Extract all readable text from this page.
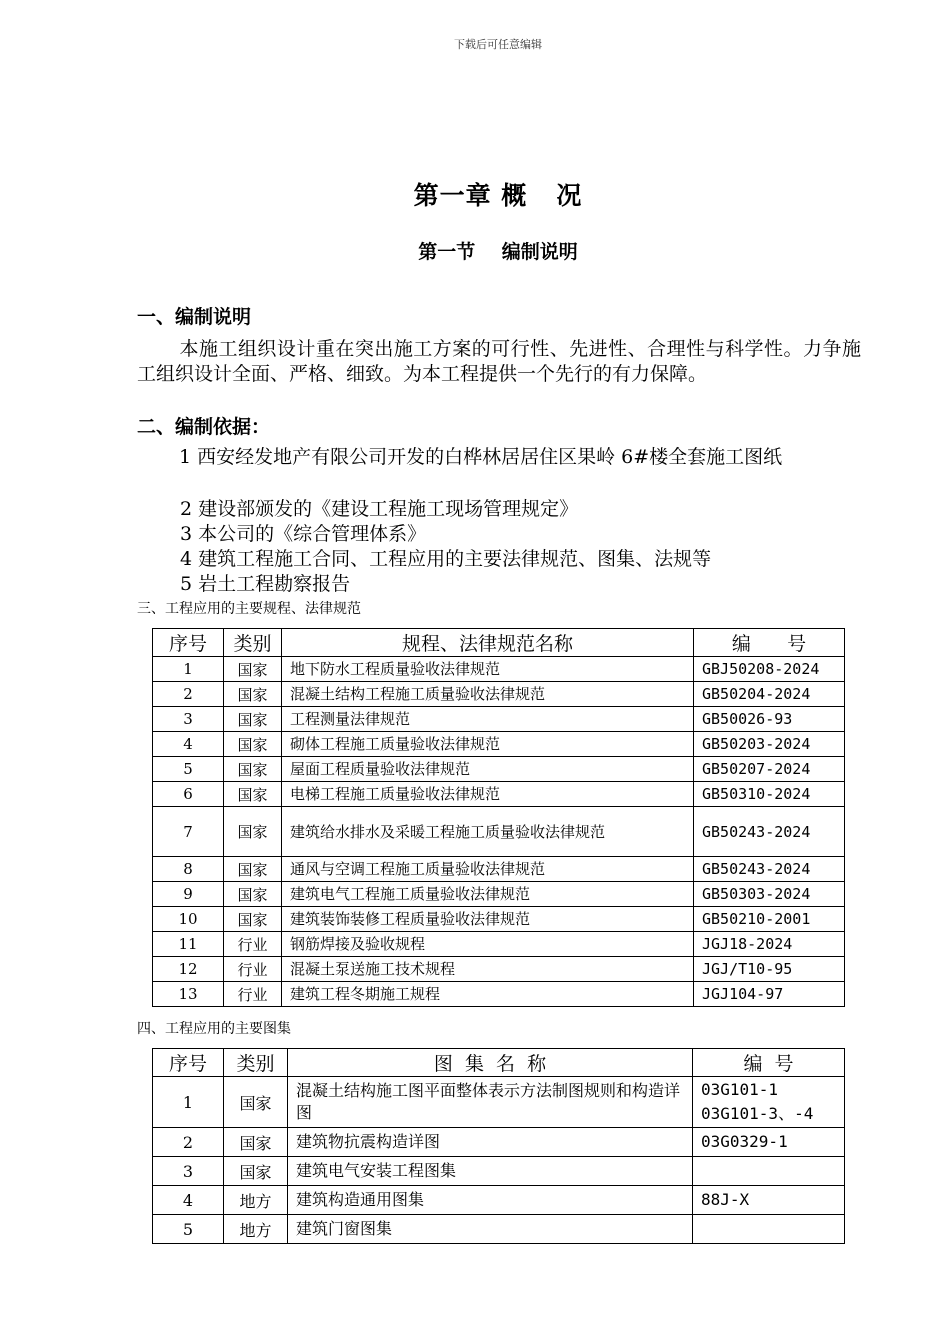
下载后可任意编辑
第一章 概   况
第一节    编制说明
一、编制说明
本施工组织设计重在突出施工方案的可行性、先进性、合理性与科学性。力争施工组织设计全面、严格、细致。为本工程提供一个先行的有力保障。
二、编制依据：
1 西安经发地产有限公司开发的白桦林居居住区果岭 6#楼全套施工图纸
2 建设部颁发的《建设工程施工现场管理规定》
3 本公司的《综合管理体系》
4 建筑工程施工合同、工程应用的主要法律规范、图集、法规等
5 岩土工程勘察报告
三、工程应用的主要规程、法律规范
序号	类别	规程、法律规范名称	编      号
1	国家	地下防水工程质量验收法律规范	GBJ50208-2024
2	国家	混凝土结构工程施工质量验收法律规范	GB50204-2024
3	国家	工程测量法律规范	GB50026-93
4	国家	砌体工程施工质量验收法律规范	GB50203-2024
5	国家	屋面工程质量验收法律规范	GB50207-2024
6	国家	电梯工程施工质量验收法律规范	GB50310-2024
7	国家	建筑给水排水及采暖工程施工质量验收法律规范	GB50243-2024
8	国家	通风与空调工程施工质量验收法律规范	GB50243-2024
9	国家	建筑电气工程施工质量验收法律规范	GB50303-2024
10	国家	建筑装饰装修工程质量验收法律规范	GB50210-2001
11	行业	钢筋焊接及验收规程	JGJ18-2024
12	行业	混凝土泵送施工技术规程	JGJ/T10-95
13	行业	建筑工程冬期施工规程	JGJ104-97
四、工程应用的主要图集
序号	类别	图  集  名  称	编  号
1	国家	混凝土结构施工图平面整体表示方法制图规则和构造详图	03G101-1
03G101-3、-4

2	国家	建筑物抗震构造详图	03G0329-1
3	国家	建筑电气安装工程图集	
4	地方	建筑构造通用图集	88J-X
5	地方	建筑门窗图集	
